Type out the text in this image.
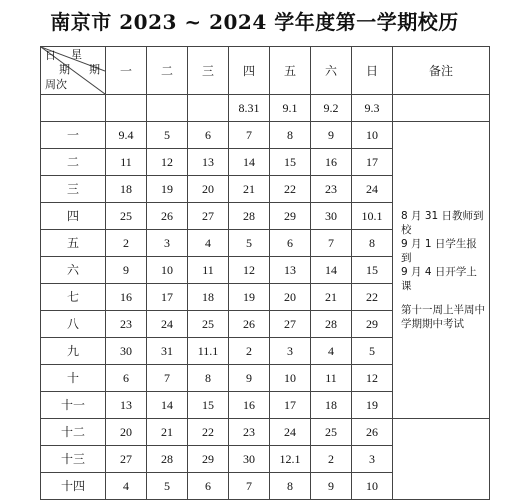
南京市 2023 ~ 2024 学年度第一学期校历
日 星
期 期
周次	一	二	三	四	五	六	日	备注
				8.31	9.1	9.2	9.3	
一	9.4	5	6	7	8	9	10	8 月 31 日教师到校
9 月 1 日学生报到
9 月 4 日开学上课
第十一周上半周中
学期期中考试

二	11	12	13	14	15	16	17	
三	18	19	20	21	22	23	24	
四	25	26	27	28	29	30	10.1	
五	2	3	4	5	6	7	8	
六	9	10	11	12	13	14	15	
七	16	17	18	19	20	21	22	
八	23	24	25	26	27	28	29	
九	30	31	11.1	2	3	4	5	
十	6	7	8	9	10	11	12	
十一	13	14	15	16	17	18	19	
十二	20	21	22	23	24	25	26	
十三	27	28	29	30	12.1	2	3	
十四	4	5	6	7	8	9	10	
